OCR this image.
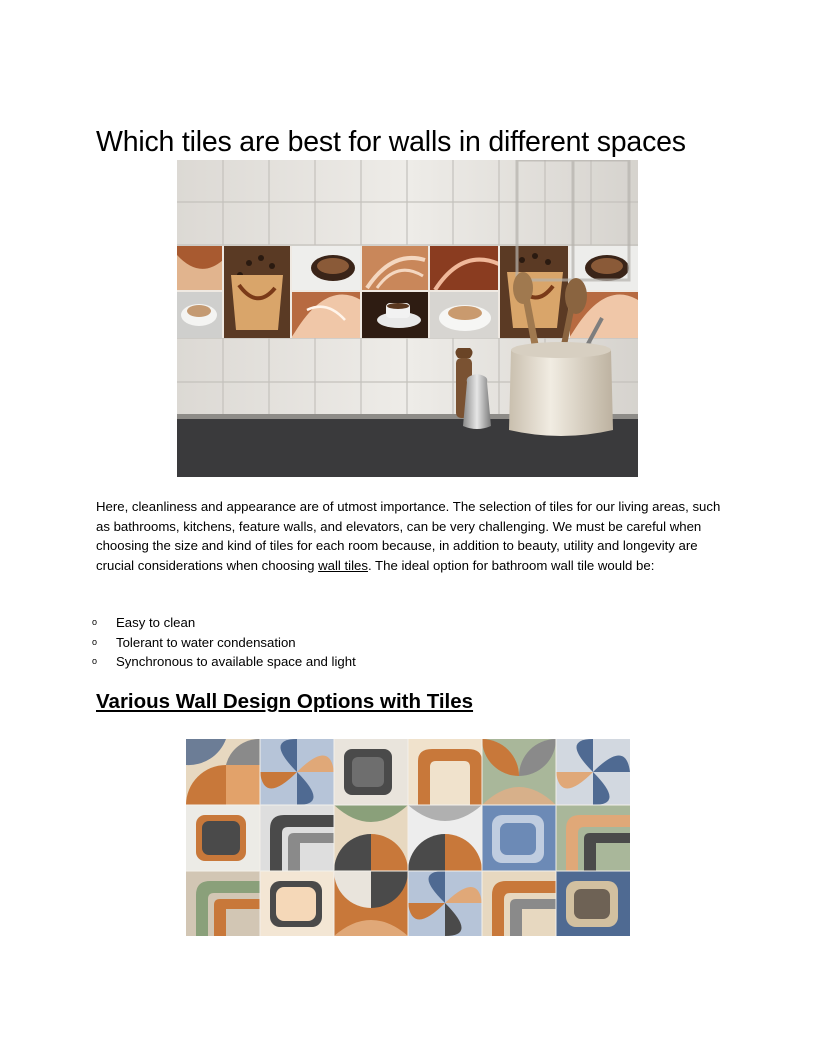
Which tiles are best for walls in different spaces

Here, cleanliness and appearance are of utmost importance. The selection of tiles for our living areas, such as bathrooms, kitchens, feature walls, and elevators, can be very challenging. We must be careful when choosing the size and kind of tiles for each room because, in addition to beauty, utility and longevity are crucial considerations when choosing wall tiles. The ideal option for bathroom wall tile would be:

o Easy to clean
o Tolerant to water condensation
o Synchronous to available space and light
Various Wall Design Options with Tiles
